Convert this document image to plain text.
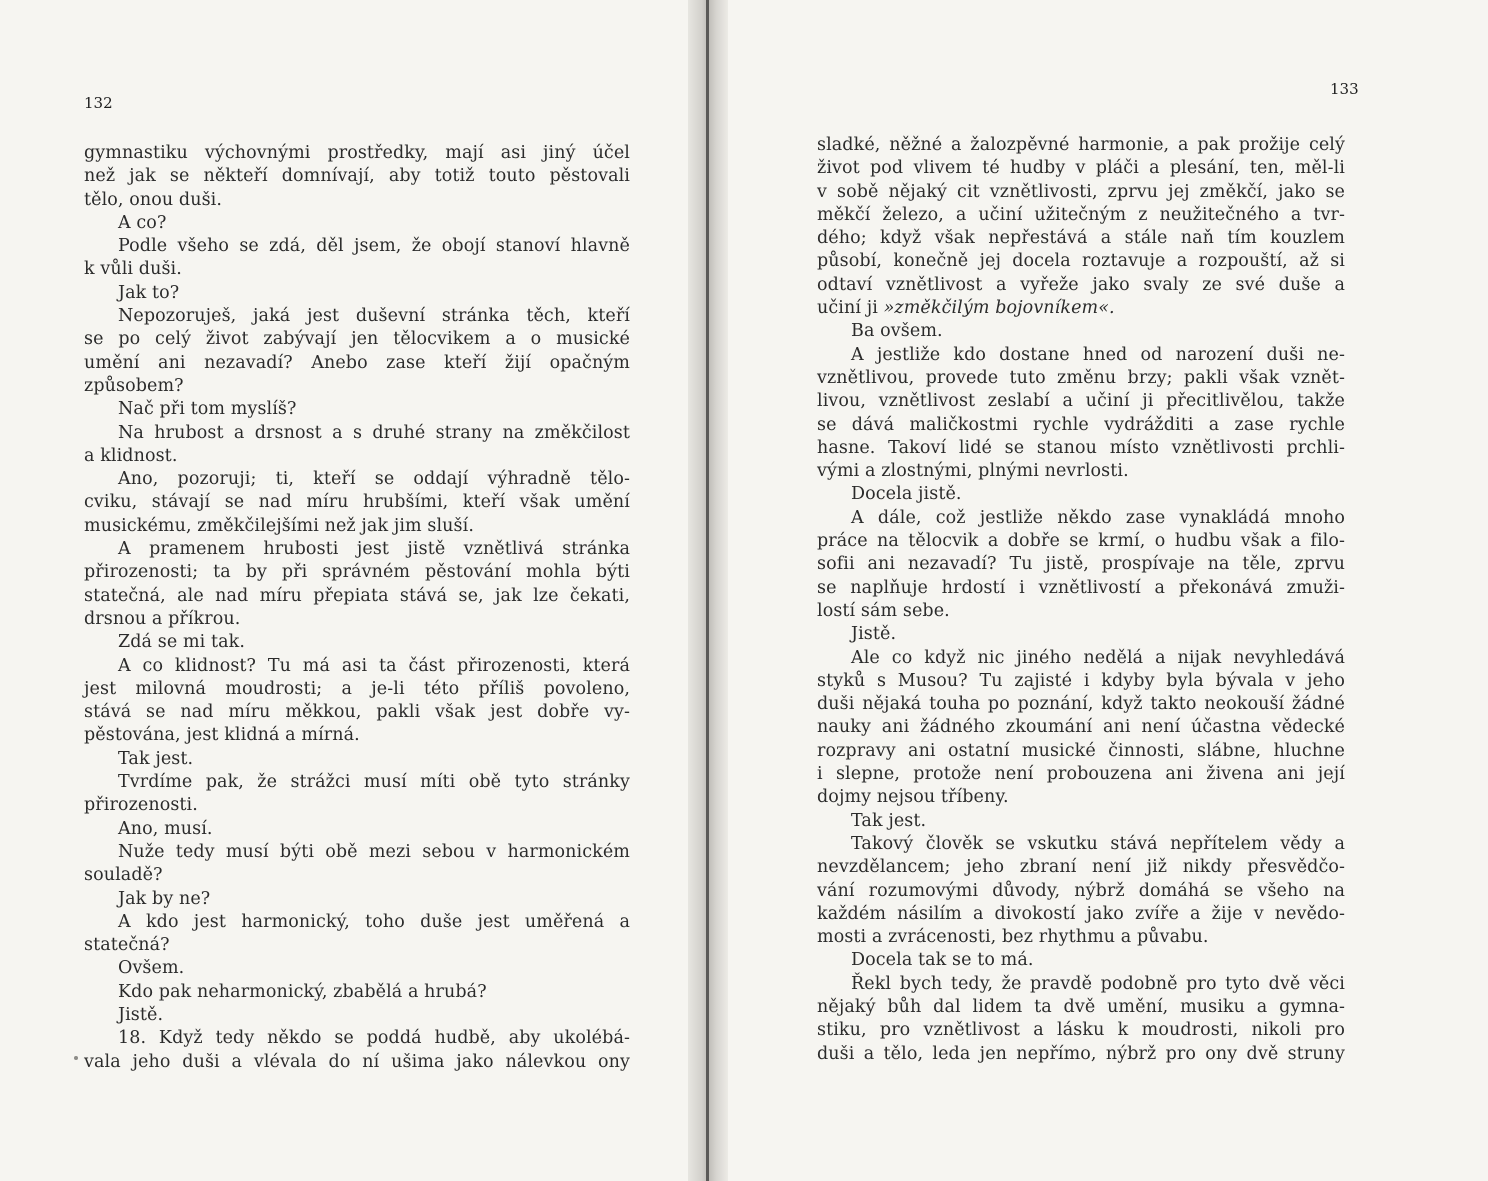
132
gymnastiku výchovnými prostředky, mají asi jiný účel
než jak se někteří domnívají, aby totiž touto pěstovali
tělo, onou duši.
A co?
Podle všeho se zdá, děl jsem, že obojí stanoví hlavně
k vůli duši.
Jak to?
Nepozoruješ, jaká jest duševní stránka těch, kteří
se po celý život zabývají jen tělocvikem a o musické
umění ani nezavadí? Anebo zase kteří žijí opačným
způsobem?
Nač při tom myslíš?
Na hrubost a drsnost a s druhé strany na změkčilost
a klidnost.
Ano, pozoruji; ti, kteří se oddají výhradně tělo-
cviku, stávají se nad míru hrubšími, kteří však umění
musickému, změkčilejšími než jak jim sluší.
A pramenem hrubosti jest jistě vznětlivá stránka
přirozenosti; ta by při správném pěstování mohla býti
statečná, ale nad míru přepiata stává se, jak lze čekati,
drsnou a příkrou.
Zdá se mi tak.
A co klidnost? Tu má asi ta část přirozenosti, která
jest milovná moudrosti; a je-li této příliš povoleno,
stává se nad míru měkkou, pakli však jest dobře vy-
pěstována, jest klidná a mírná.
Tak jest.
Tvrdíme pak, že strážci musí míti obě tyto stránky
přirozenosti.
Ano, musí.
Nuže tedy musí býti obě mezi sebou v harmonickém
souladě?
Jak by ne?
A kdo jest harmonický, toho duše jest uměřená a
statečná?
Ovšem.
Kdo pak neharmonický, zbabělá a hrubá?
Jistě.
18. Když tedy někdo se poddá hudbě, aby ukolébá-
vala jeho duši a vlévala do ní ušima jako nálevkou ony
133
sladké, něžné a žalozpěvné harmonie, a pak prožije celý
život pod vlivem té hudby v pláči a plesání, ten, měl-li
v sobě nějaký cit vznětlivosti, zprvu jej změkčí, jako se
měkčí železo, a učiní užitečným z neužitečného a tvr-
dého; když však nepřestává a stále naň tím kouzlem
působí, konečně jej docela roztavuje a rozpouští, až si
odtaví vznětlivost a vyřeže jako svaly ze své duše a
učiní ji »změkčilým bojovníkem«.
Ba ovšem.
A jestliže kdo dostane hned od narození duši ne-
vznětlivou, provede tuto změnu brzy; pakli však vznět-
livou, vznětlivost zeslabí a učiní ji přecitlivělou, takže
se dává maličkostmi rychle vydrážditi a zase rychle
hasne. Takoví lidé se stanou místo vznětlivosti prchli-
vými a zlostnými, plnými nevrlosti.
Docela jistě.
A dále, což jestliže někdo zase vynakládá mnoho
práce na tělocvik a dobře se krmí, o hudbu však a filo-
sofii ani nezavadí? Tu jistě, prospívaje na těle, zprvu
se naplňuje hrdostí i vznětlivostí a překonává zmuži-
lostí sám sebe.
Jistě.
Ale co když nic jiného nedělá a nijak nevyhledává
styků s Musou? Tu zajisté i kdyby byla bývala v jeho
duši nějaká touha po poznání, když takto neokouší žádné
nauky ani žádného zkoumání ani není účastna vědecké
rozpravy ani ostatní musické činnosti, slábne, hluchne
i slepne, protože není probouzena ani živena ani její
dojmy nejsou tříbeny.
Tak jest.
Takový člověk se vskutku stává nepřítelem vědy a
nevzdělancem; jeho zbraní není již nikdy přesvědčo-
vání rozumovými důvody, nýbrž domáhá se všeho na
každém násilím a divokostí jako zvíře a žije v nevědo-
mosti a zvrácenosti, bez rhythmu a půvabu.
Docela tak se to má.
Řekl bych tedy, že pravdě podobně pro tyto dvě věci
nějaký bůh dal lidem ta dvě umění, musiku a gymna-
stiku, pro vznětlivost a lásku k moudrosti, nikoli pro
duši a tělo, leda jen nepřímo, nýbrž pro ony dvě struny
